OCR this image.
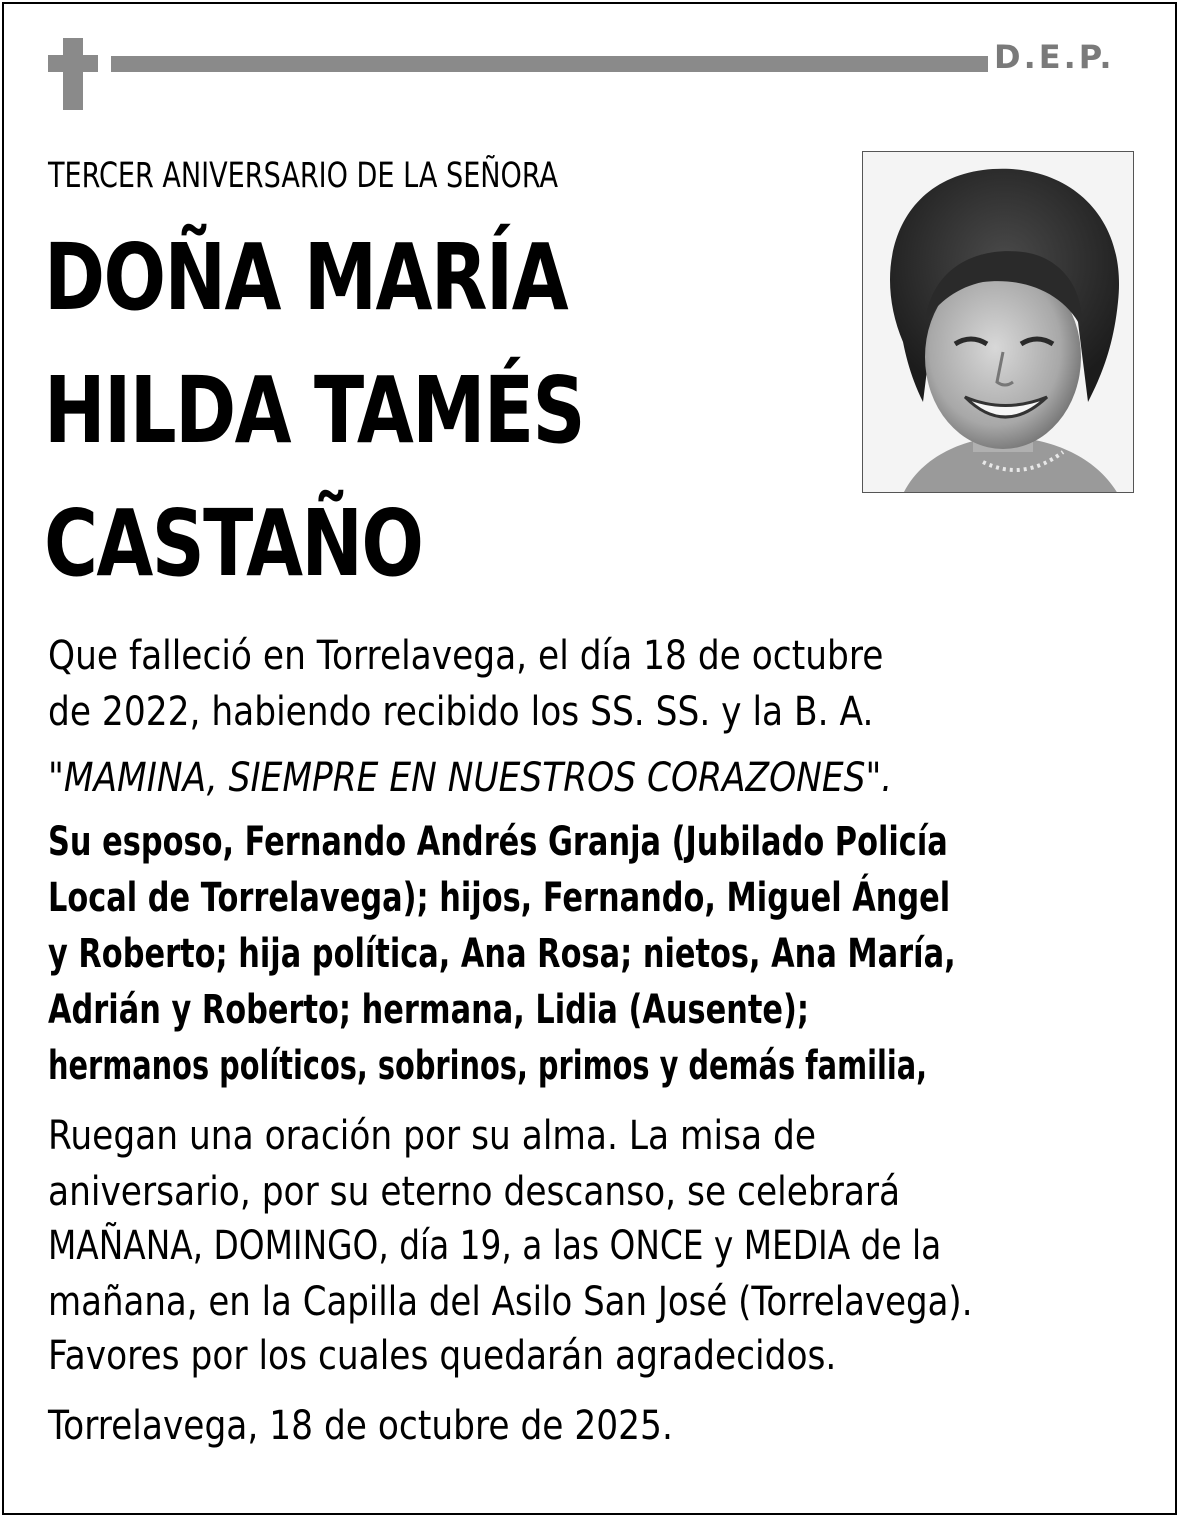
D.E.P.
TERCER ANIVERSARIO DE LA SEÑORA
DOÑA MARÍA
HILDA TAMÉS
CASTAÑO
Que falleció en Torrelavega, el día 18 de octubre
de 2022, habiendo recibido los SS. SS. y la B. A.
"MAMINA, SIEMPRE EN NUESTROS CORAZONES".
Su esposo, Fernando Andrés Granja (Jubilado Policía
Local de Torrelavega); hijos, Fernando, Miguel Ángel
y Roberto; hija política, Ana Rosa; nietos, Ana María,
Adrián y Roberto; hermana, Lidia (Ausente);
hermanos políticos, sobrinos, primos y demás familia,
Ruegan una oración por su alma. La misa de
aniversario, por su eterno descanso, se celebrará
MAÑANA, DOMINGO, día 19, a las ONCE y MEDIA de la
mañana, en la Capilla del Asilo San José (Torrelavega).
Favores por los cuales quedarán agradecidos.
Torrelavega, 18 de octubre de 2025.
